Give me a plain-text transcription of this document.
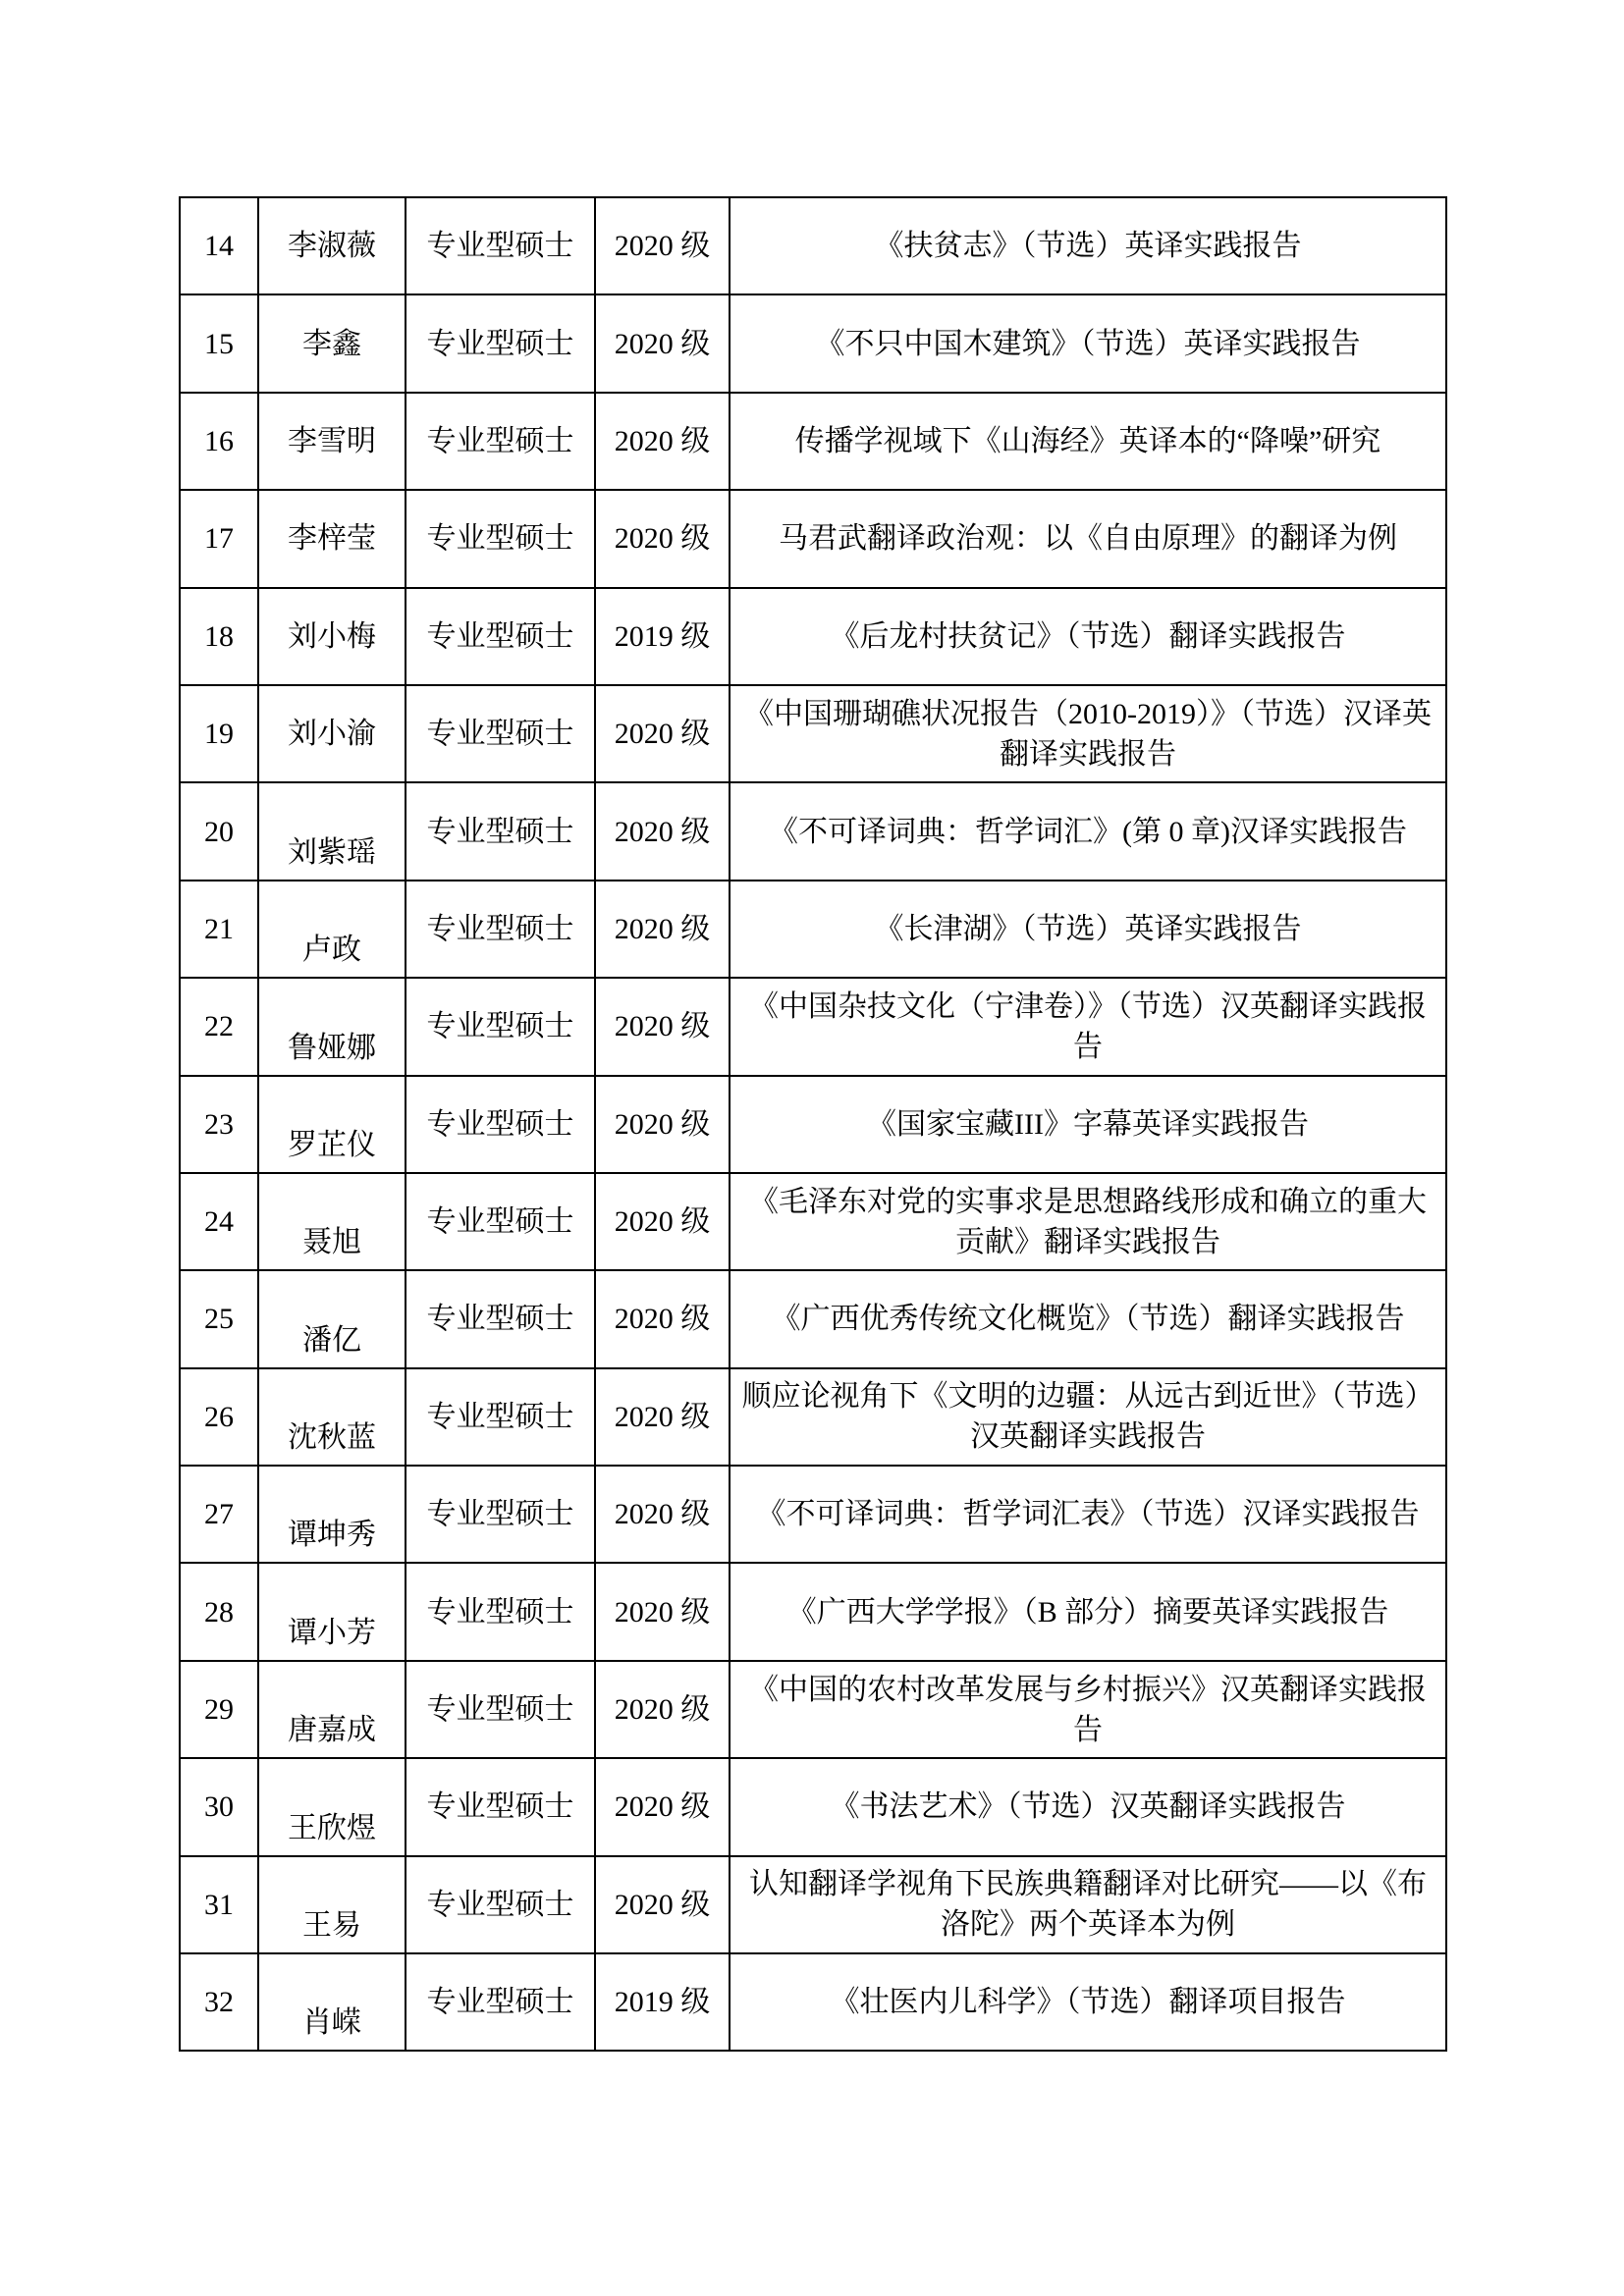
14	李淑薇	专业型硕士	2020 级	《扶贫志》（节选）英译实践报告
15	李鑫	专业型硕士	2020 级	《不只中国木建筑》（节选）英译实践报告
16	李雪明	专业型硕士	2020 级	传播学视域下《山海经》英译本的“降噪”研究
17	李梓莹	专业型硕士	2020 级	马君武翻译政治观：以《自由原理》的翻译为例
18	刘小梅	专业型硕士	2019 级	《后龙村扶贫记》（节选）翻译实践报告
19	刘小渝	专业型硕士	2020 级	《中国珊瑚礁状况报告（2010-2019）》（节选）汉译英翻译实践报告
20	刘紫瑶	专业型硕士	2020 级	《不可译词典：哲学词汇》(第 0 章)汉译实践报告
21	卢政	专业型硕士	2020 级	《长津湖》（节选）英译实践报告
22	鲁娅娜	专业型硕士	2020 级	《中国杂技文化（宁津卷）》（节选）汉英翻译实践报告
23	罗芷仪	专业型硕士	2020 级	《国家宝藏III》字幕英译实践报告
24	聂旭	专业型硕士	2020 级	《毛泽东对党的实事求是思想路线形成和确立的重大贡献》翻译实践报告
25	潘亿	专业型硕士	2020 级	《广西优秀传统文化概览》（节选）翻译实践报告
26	沈秋蓝	专业型硕士	2020 级	顺应论视角下《文明的边疆：从远古到近世》（节选）汉英翻译实践报告
27	谭坤秀	专业型硕士	2020 级	《不可译词典：哲学词汇表》（节选）汉译实践报告
28	谭小芳	专业型硕士	2020 级	《广西大学学报》（B 部分）摘要英译实践报告
29	唐嘉成	专业型硕士	2020 级	《中国的农村改革发展与乡村振兴》汉英翻译实践报告
30	王欣煜	专业型硕士	2020 级	《书法艺术》（节选）汉英翻译实践报告
31	王易	专业型硕士	2020 级	认知翻译学视角下民族典籍翻译对比研究——以《布洛陀》两个英译本为例
32	肖嵘	专业型硕士	2019 级	《壮医内儿科学》（节选）翻译项目报告
